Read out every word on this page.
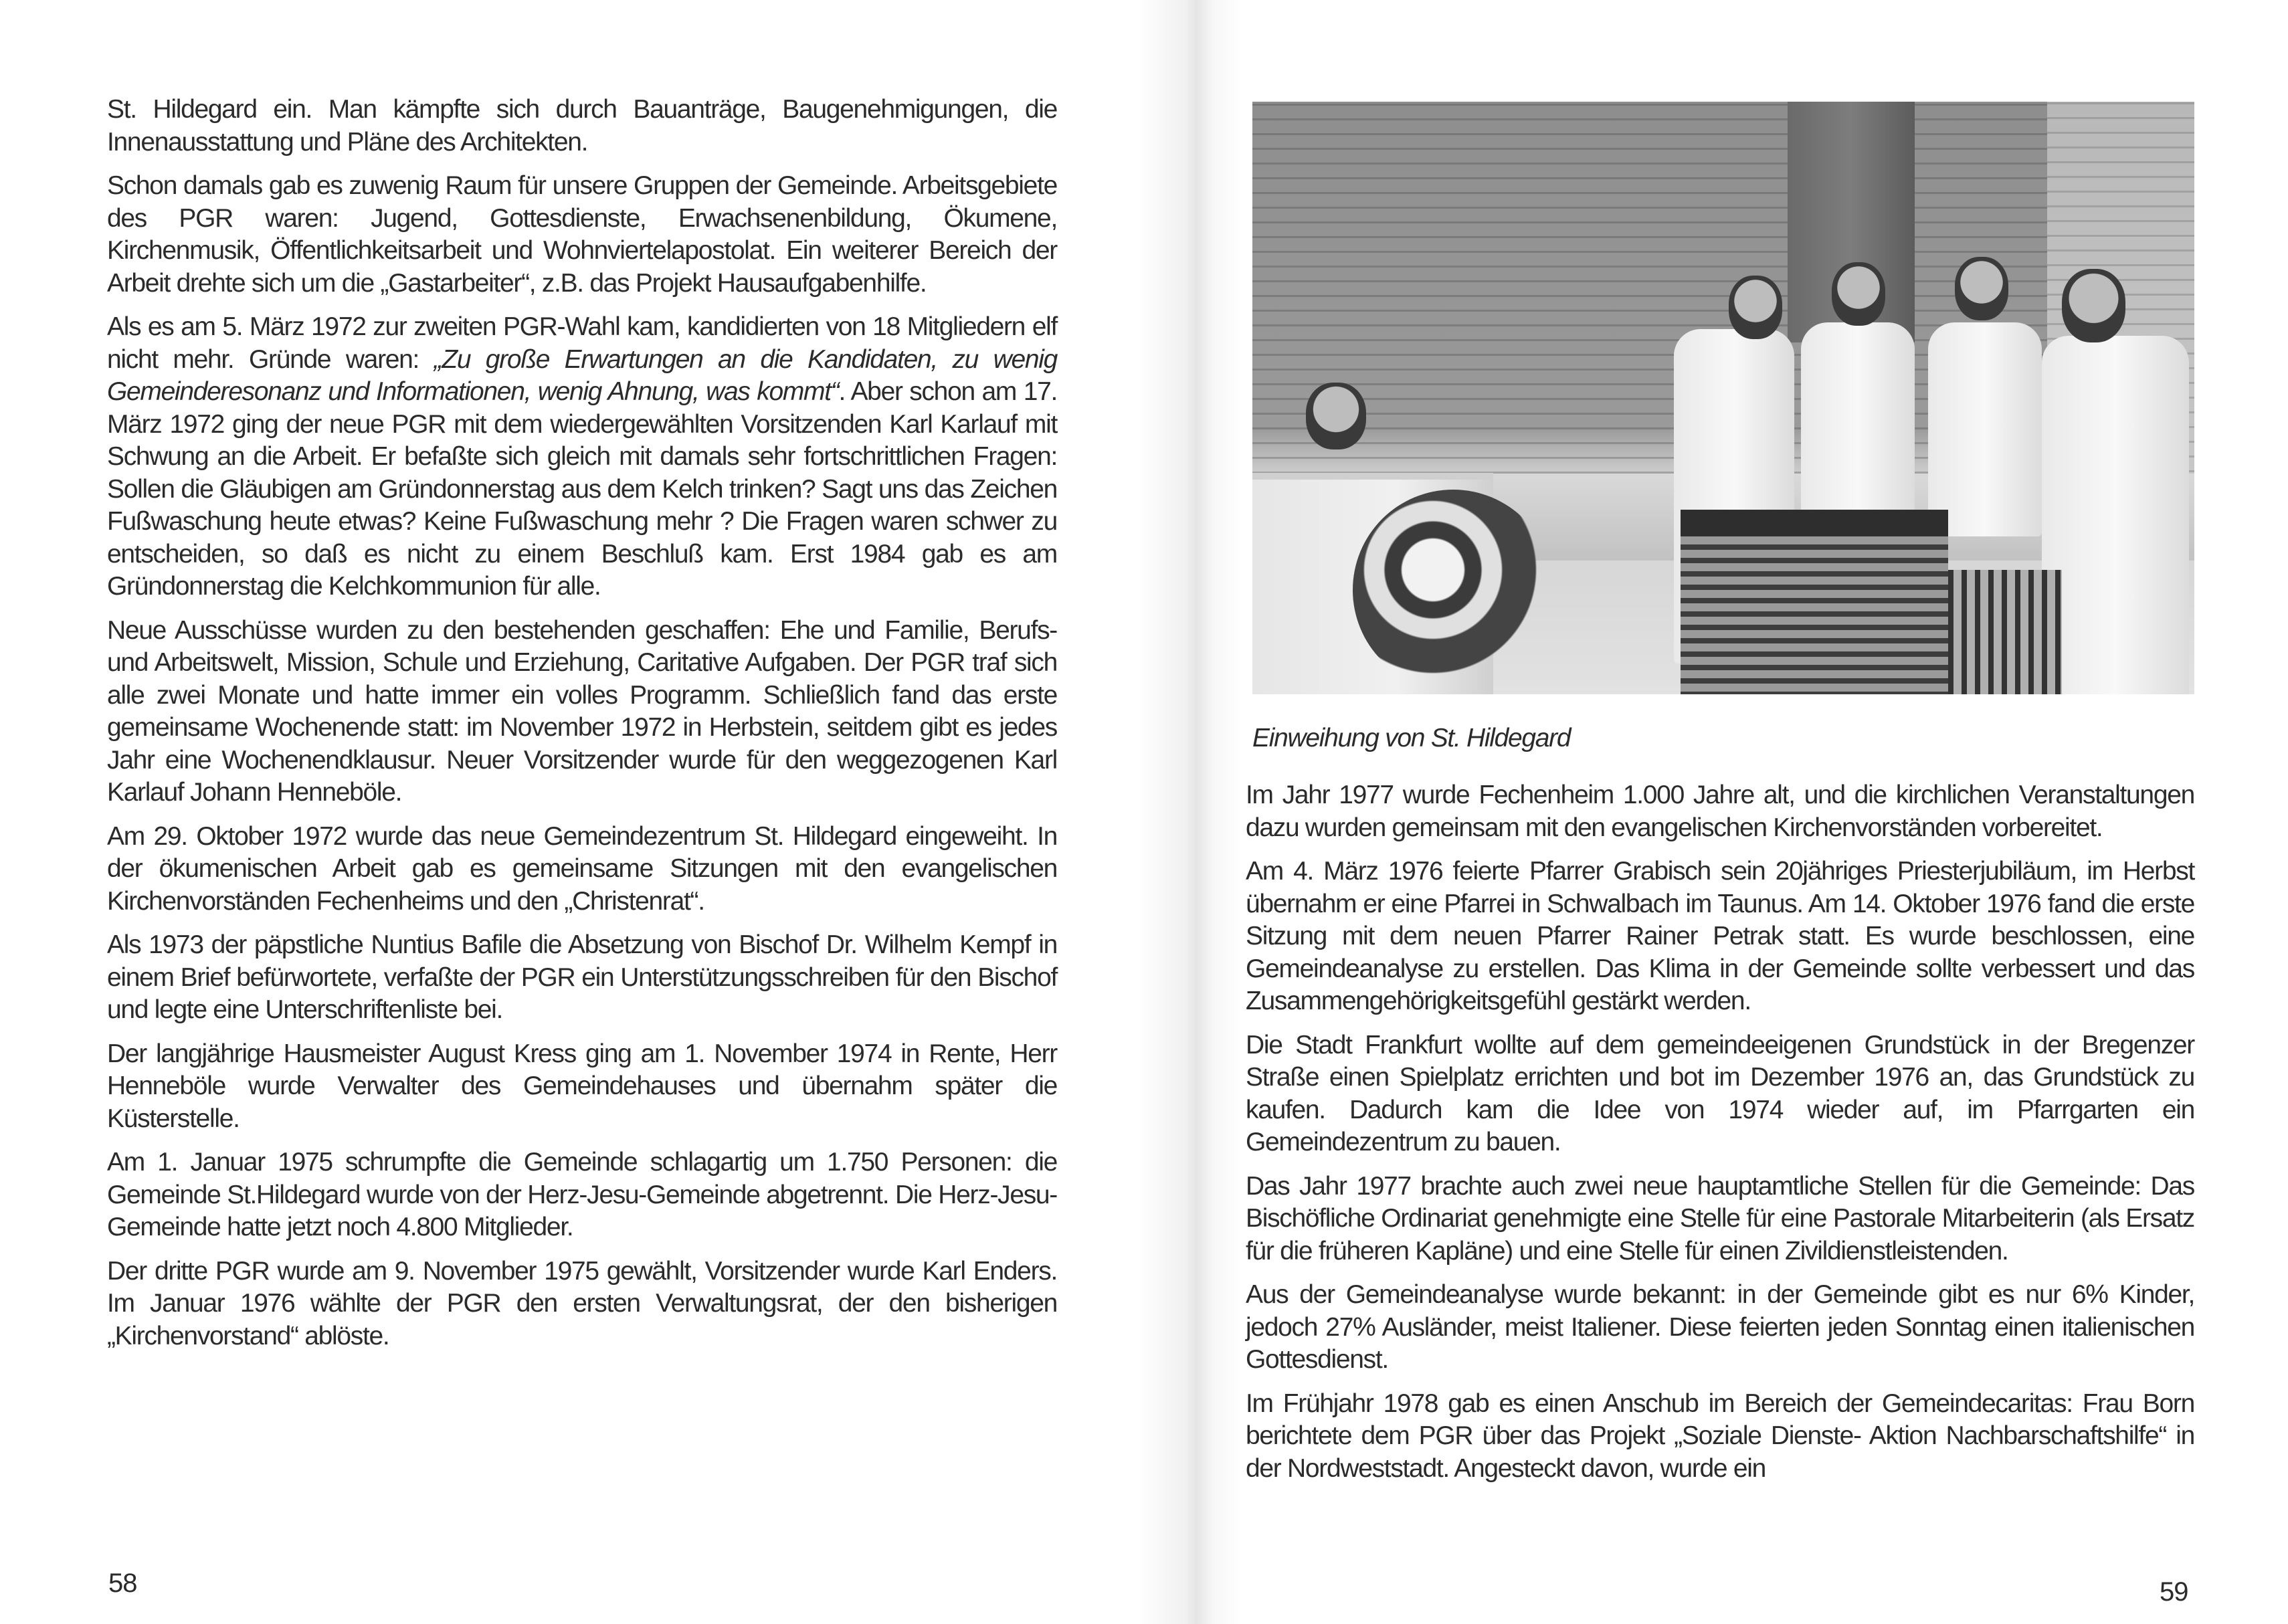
St. Hildegard ein. Man kämpfte sich durch Bauanträge, Baugenehmigungen, die Innenausstattung und Pläne des Architekten.

Schon damals gab es zuwenig Raum für unsere Gruppen der Gemeinde. Arbeitsgebiete des PGR waren: Jugend, Gottesdienste, Erwachsenenbildung, Ökumene, Kirchenmusik, Öffentlichkeitsarbeit und Wohnviertelapostolat. Ein weiterer Bereich der Arbeit drehte sich um die „Gastarbeiter“, z.B. das Projekt Hausaufgabenhilfe.

Als es am 5. März 1972 zur zweiten PGR-Wahl kam, kandidierten von 18 Mitgliedern elf nicht mehr. Gründe waren: „Zu große Erwartungen an die Kandidaten, zu wenig Gemeinderesonanz und Informationen, wenig Ahnung, was kommt“. Aber schon am 17. März 1972 ging der neue PGR mit dem wiedergewählten Vorsitzenden Karl Karlauf mit Schwung an die Arbeit. Er befaßte sich gleich mit damals sehr fortschrittlichen Fragen: Sollen die Gläubigen am Gründonnerstag aus dem Kelch trinken? Sagt uns das Zeichen Fußwaschung heute etwas? Keine Fußwaschung mehr ? Die Fragen waren schwer zu entscheiden, so daß es nicht zu einem Beschluß kam. Erst 1984 gab es am Gründonnerstag die Kelchkommunion für alle.

Neue Ausschüsse wurden zu den bestehenden geschaffen: Ehe und Familie, Berufs- und Arbeitswelt, Mission, Schule und Erziehung, Caritative Aufgaben. Der PGR traf sich alle zwei Monate und hatte immer ein volles Programm. Schließlich fand das erste gemeinsame Wochenende statt: im November 1972 in Herbstein, seitdem gibt es jedes Jahr eine Wochenendklausur. Neuer Vorsitzender wurde für den weggezogenen Karl Karlauf Johann Henneböle.

Am 29. Oktober 1972 wurde das neue Gemeindezentrum St. Hildegard eingeweiht. In der ökumenischen Arbeit gab es gemeinsame Sitzungen mit den evangelischen Kirchenvorständen Fechenheims und den „Christenrat“.

Als 1973 der päpstliche Nuntius Bafile die Absetzung von Bischof Dr. Wilhelm Kempf in einem Brief befürwortete, verfaßte der PGR ein Unterstützungsschreiben für den Bischof und legte eine Unterschriftenliste bei.

Der langjährige Hausmeister August Kress ging am 1. November 1974 in Rente, Herr Henneböle wurde Verwalter des Gemeindehauses und übernahm später die Küsterstelle.

Am 1. Januar 1975 schrumpfte die Gemeinde schlagartig um 1.750 Personen: die Gemeinde St.Hildegard wurde von der Herz-Jesu-Gemeinde abgetrennt. Die Herz-Jesu-Gemeinde hatte jetzt noch 4.800 Mitglieder.

Der dritte PGR wurde am 9. November 1975 gewählt, Vorsitzender wurde Karl Enders. Im Januar 1976 wählte der PGR den ersten Verwaltungsrat, der den bisherigen „Kirchenvorstand“ ablöste.

58
Einweihung von St. Hildegard

Im Jahr 1977 wurde Fechenheim 1.000 Jahre alt, und die kirchlichen Veranstaltungen dazu wurden gemeinsam mit den evangelischen Kirchenvorständen vorbereitet.

Am 4. März 1976 feierte Pfarrer Grabisch sein 20jähriges Priesterjubiläum, im Herbst übernahm er eine Pfarrei in Schwalbach im Taunus. Am 14. Oktober 1976 fand die erste Sitzung mit dem neuen Pfarrer Rainer Petrak statt. Es wurde beschlossen, eine Gemeindeanalyse zu erstellen. Das Klima in der Gemeinde sollte verbessert und das Zusammengehörigkeitsgefühl gestärkt werden.

Die Stadt Frankfurt wollte auf dem gemeindeeigenen Grundstück in der Bregenzer Straße einen Spielplatz errichten und bot im Dezember 1976 an, das Grundstück zu kaufen. Dadurch kam die Idee von 1974 wieder auf, im Pfarrgarten ein Gemeindezentrum zu bauen.

Das Jahr 1977 brachte auch zwei neue hauptamtliche Stellen für die Gemeinde: Das Bischöfliche Ordinariat genehmigte eine Stelle für eine Pastorale Mitarbeiterin (als Ersatz für die früheren Kapläne) und eine Stelle für einen Zivildienstleistenden.

Aus der Gemeindeanalyse wurde bekannt: in der Gemeinde gibt es nur 6% Kinder, jedoch 27% Ausländer, meist Italiener. Diese feierten jeden Sonntag einen italienischen Gottesdienst.

Im Frühjahr 1978 gab es einen Anschub im Bereich der Gemeindecaritas: Frau Born berichtete dem PGR über das Projekt „Soziale Dienste- Aktion Nachbarschaftshilfe“ in der Nordweststadt. Angesteckt davon, wurde ein

59
